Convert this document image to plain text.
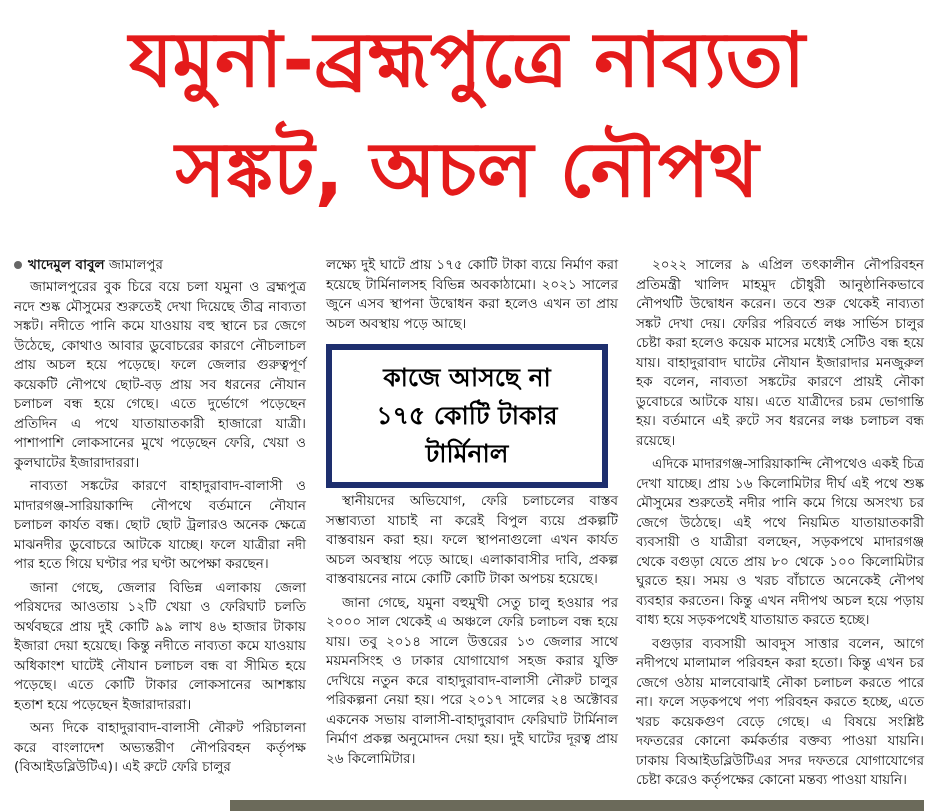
যমুনা-ব্রহ্মপুত্রে নাব্যতা
সঙ্কট, অচল নৌপথ
খাদেমুল বাবুল জামালপুর

জামালপুরের বুক চিরে বয়ে চলা যমুনা ও ব্রহ্মপুত্র নদে শুষ্ক মৌসুমের শুরুতেই দেখা দিয়েছে তীব্র নাব্যতা সঙ্কট। নদীতে পানি কমে যাওয়ায় বহু স্থানে চর জেগে উঠেছে, কোথাও আবার ডুবোচরের কারণে নৌচলাচল প্রায় অচল হয়ে পড়েছে। ফলে জেলার গুরুত্বপূর্ণ কয়েকটি নৌপথে ছোট-বড় প্রায় সব ধরনের নৌযান চলাচল বন্ধ হয়ে গেছে। এতে দুর্ভোগে পড়েছেন প্রতিদিন এ পথে যাতায়াতকারী হাজারো যাত্রী। পাশাপাশি লোকসানের মুখে পড়েছেন ফেরি, খেয়া ও কুলঘাটের ইজারাদাররা।

নাব্যতা সঙ্কটের কারণে বাহাদুরাবাদ-বালাসী ও মাদারগঞ্জ-সারিয়াকান্দি নৌপথে বর্তমানে নৌযান চলাচল কার্যত বন্ধ। ছোট ছোট ট্রলারও অনেক ক্ষেত্রে মাঝনদীর ডুবোচরে আটকে যাচ্ছে। ফলে যাত্রীরা নদী পার হতে গিয়ে ঘণ্টার পর ঘণ্টা অপেক্ষা করছেন।

জানা গেছে, জেলার বিভিন্ন এলাকায় জেলা পরিষদের আওতায় ১২টি খেয়া ও ফেরিঘাট চলতি অর্থবছরে প্রায় দুই কোটি ৯৯ লাখ ৪৬ হাজার টাকায় ইজারা দেয়া হয়েছে। কিন্তু নদীতে নাব্যতা কমে যাওয়ায় অধিকাংশ ঘাটেই নৌযান চলাচল বন্ধ বা সীমিত হয়ে পড়েছে। এতে কোটি টাকার লোকসানের আশঙ্কায় হতাশ হয়ে পড়েছেন ইজারাদাররা।

অন্য দিকে বাহাদুরাবাদ-বালাসী নৌরুট পরিচালনা করে বাংলাদেশ অভ্যন্তরীণ নৌপরিবহন কর্তৃপক্ষ (বিআইডব্লিউটিএ)। এই রুটে ফেরি চালুর

লক্ষ্যে দুই ঘাটে প্রায় ১৭৫ কোটি টাকা ব্যয়ে নির্মাণ করা হয়েছে টার্মিনালসহ বিভিন্ন অবকাঠামো। ২০২১ সালের জুনে এসব স্থাপনা উদ্বোধন করা হলেও এখন তা প্রায় অচল অবস্থায় পড়ে আছে।

কাজে আসছে না
১৭৫ কোটি টাকার
টার্মিনাল

স্থানীয়দের অভিযোগ, ফেরি চলাচলের বাস্তব সম্ভাব্যতা যাচাই না করেই বিপুল ব্যয়ে প্রকল্পটি বাস্তবায়ন করা হয়। ফলে স্থাপনাগুলো এখন কার্যত অচল অবস্থায় পড়ে আছে। এলাকাবাসীর দাবি, প্রকল্প বাস্তবায়নের নামে কোটি কোটি টাকা অপচয় হয়েছে।

জানা গেছে, যমুনা বহুমুখী সেতু চালু হওয়ার পর ২০০০ সাল থেকেই এ অঞ্চলে ফেরি চলাচল বন্ধ হয়ে যায়। তবু ২০১৪ সালে উত্তরের ১৩ জেলার সাথে ময়মনসিংহ ও ঢাকার যোগাযোগ সহজ করার যুক্তি দেখিয়ে নতুন করে বাহাদুরাবাদ-বালাসী নৌরুট চালুর পরিকল্পনা নেয়া হয়। পরে ২০১৭ সালের ২৪ অক্টোবর একনেক সভায় বালাসী-বাহাদুরাবাদ ফেরিঘাট টার্মিনাল নির্মাণ প্রকল্প অনুমোদন দেয়া হয়। দুই ঘাটের দূরত্ব প্রায় ২৬ কিলোমিটার।

২০২২ সালের ৯ এপ্রিল তৎকালীন নৌপরিবহন প্রতিমন্ত্রী খালিদ মাহমুদ চৌধুরী আনুষ্ঠানিকভাবে নৌপথটি উদ্বোধন করেন। তবে শুরু থেকেই নাব্যতা সঙ্কট দেখা দেয়। ফেরির পরিবর্তে লঞ্চ সার্ভিস চালুর চেষ্টা করা হলেও কয়েক মাসের মধ্যেই সেটিও বন্ধ হয়ে যায়। বাহাদুরাবাদ ঘাটের নৌযান ইজারাদার মনজুরুল হক বলেন, নাব্যতা সঙ্কটের কারণে প্রায়ই নৌকা ডুবোচরে আটকে যায়। এতে যাত্রীদের চরম ভোগান্তি হয়। বর্তমানে এই রুটে সব ধরনের লঞ্চ চলাচল বন্ধ রয়েছে।

এদিকে মাদারগঞ্জ-সারিয়াকান্দি নৌপথেও একই চিত্র দেখা যাচ্ছে। প্রায় ১৬ কিলোমিটার দীর্ঘ এই পথে শুষ্ক মৌসুমের শুরুতেই নদীর পানি কমে গিয়ে অসংখ্য চর জেগে উঠেছে। এই পথে নিয়মিত যাতায়াতকারী ব্যবসায়ী ও যাত্রীরা বলছেন, সড়কপথে মাদারগঞ্জ থেকে বগুড়া যেতে প্রায় ৮০ থেকে ১০০ কিলোমিটার ঘুরতে হয়। সময় ও খরচ বাঁচাতে অনেকেই নৌপথ ব্যবহার করতেন। কিন্তু এখন নদীপথ অচল হয়ে পড়ায় বাধ্য হয়ে সড়কপথেই যাতায়াত করতে হচ্ছে।

বগুড়ার ব্যবসায়ী আবদুস সাত্তার বলেন, আগে নদীপথে মালামাল পরিবহন করা হতো। কিন্তু এখন চর জেগে ওঠায় মালবোঝাই নৌকা চলাচল করতে পারে না। ফলে সড়কপথে পণ্য পরিবহন করতে হচ্ছে, এতে খরচ কয়েকগুণ বেড়ে গেছে। এ বিষয়ে সংশ্লিষ্ট দফতরের কোনো কর্মকর্তার বক্তব্য পাওয়া যায়নি। ঢাকায় বিআইডব্লিউটিএর সদর দফতরে যোগাযোগের চেষ্টা করেও কর্তৃপক্ষের কোনো মন্তব্য পাওয়া যায়নি।
